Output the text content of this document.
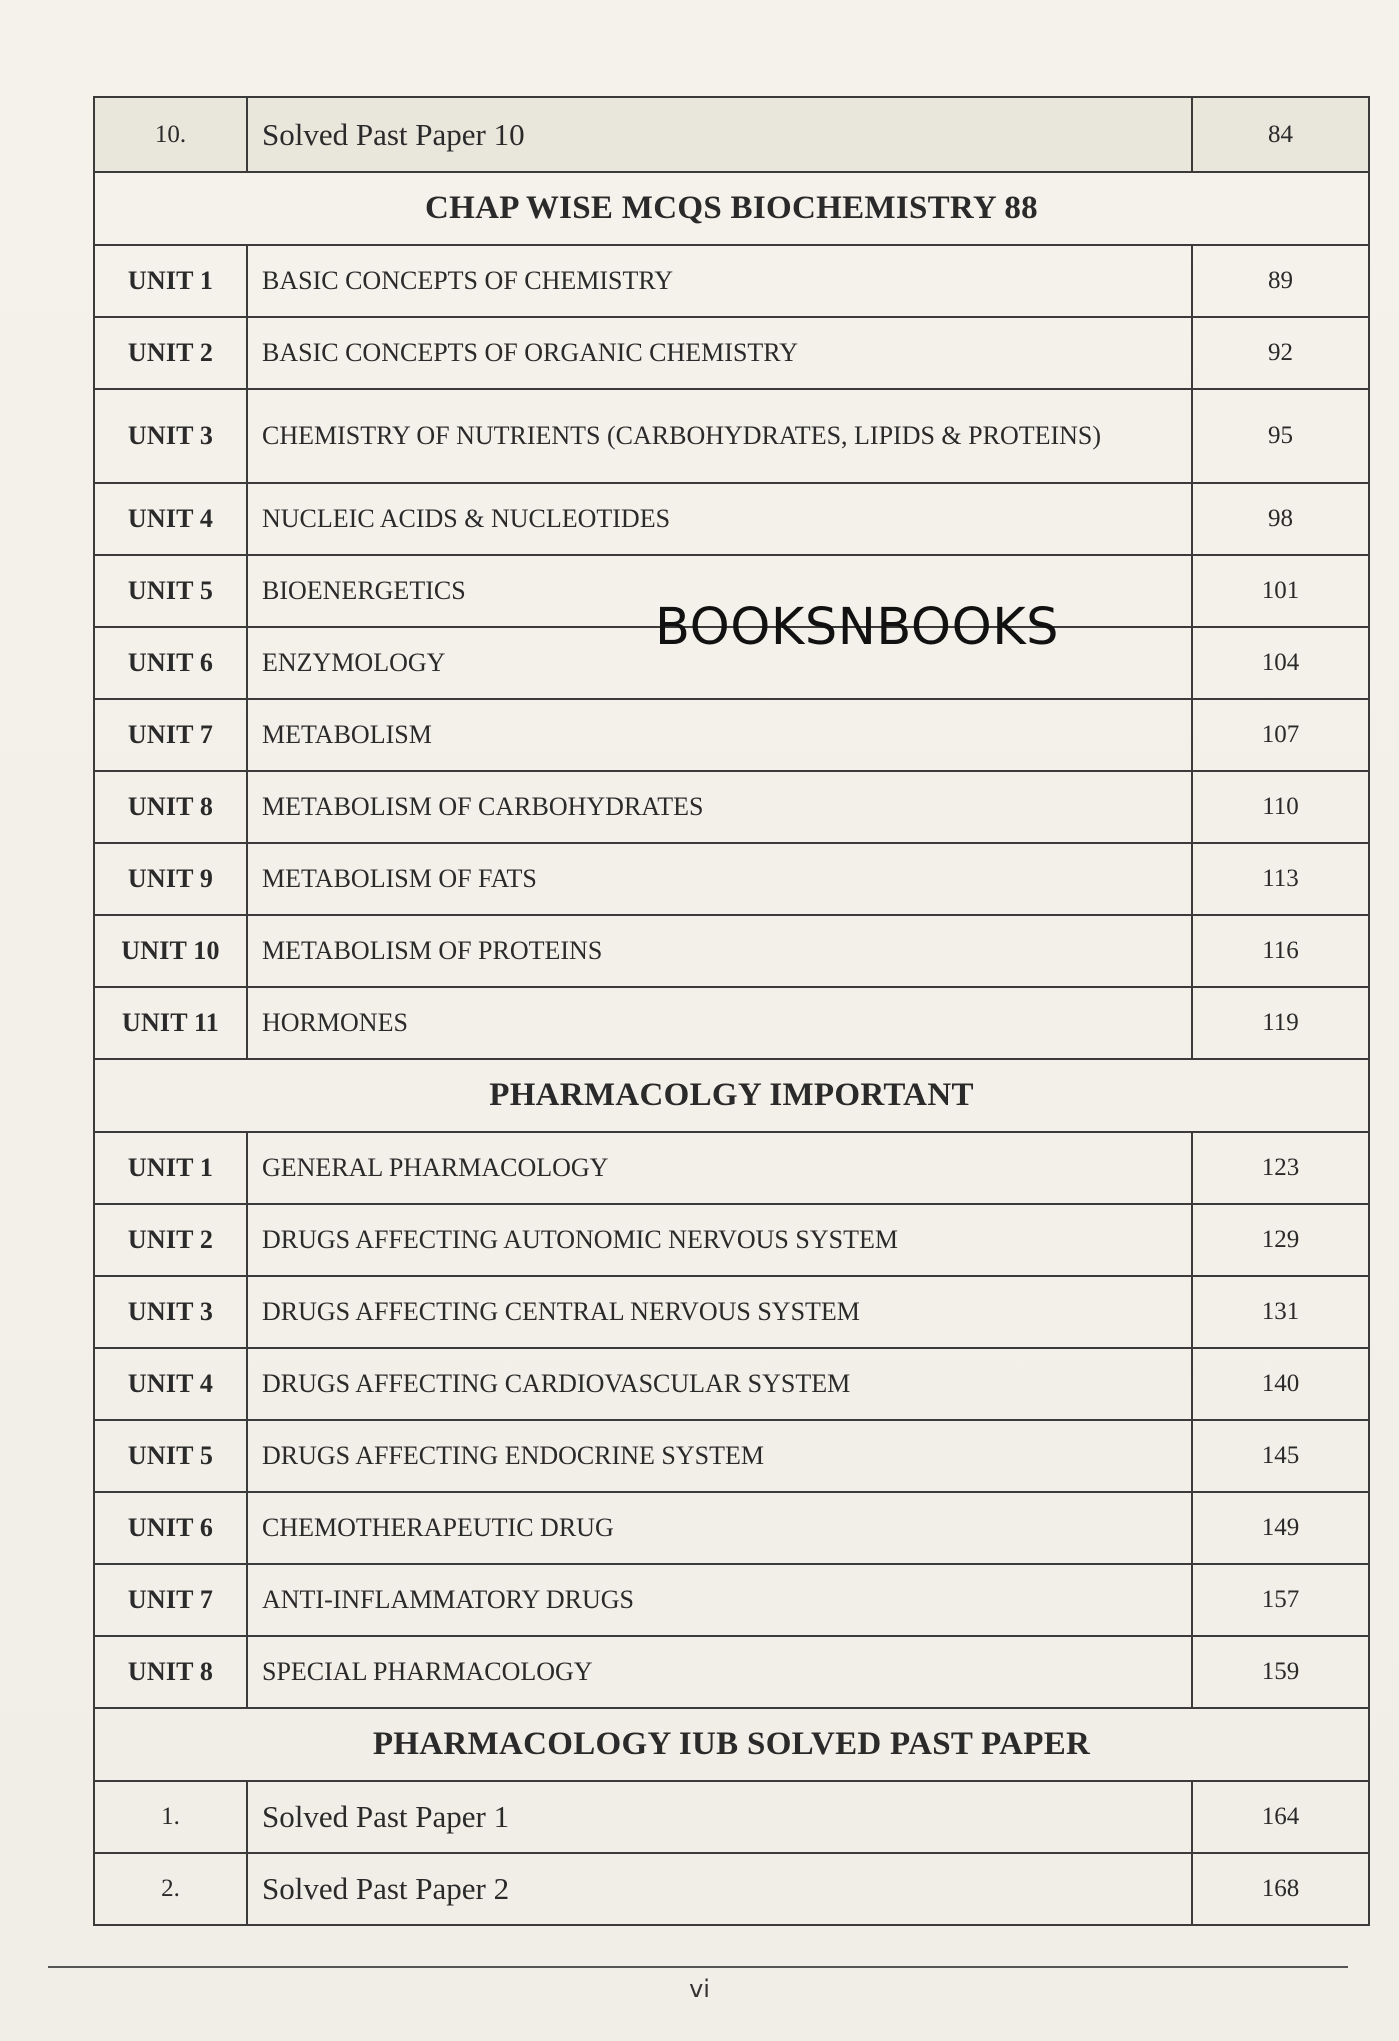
10.	Solved Past Paper 10	84
CHAP WISE MCQS BIOCHEMISTRY 88		
UNIT 1	BASIC CONCEPTS OF CHEMISTRY	89
UNIT 2	BASIC CONCEPTS OF ORGANIC CHEMISTRY	92
UNIT 3	CHEMISTRY OF NUTRIENTS (CARBOHYDRATES, LIPIDS & PROTEINS)	95
UNIT 4	NUCLEIC ACIDS & NUCLEOTIDES	98
UNIT 5	BIOENERGETICS	101
UNIT 6	ENZYMOLOGY	104
UNIT 7	METABOLISM	107
UNIT 8	METABOLISM OF CARBOHYDRATES	110
UNIT 9	METABOLISM OF FATS	113
UNIT 10	METABOLISM OF PROTEINS	116
UNIT 11	HORMONES	119
PHARMACOLGY IMPORTANT		
UNIT 1	GENERAL PHARMACOLOGY	123
UNIT 2	DRUGS AFFECTING AUTONOMIC NERVOUS SYSTEM	129
UNIT 3	DRUGS AFFECTING CENTRAL NERVOUS SYSTEM	131
UNIT 4	DRUGS AFFECTING CARDIOVASCULAR SYSTEM	140
UNIT 5	DRUGS AFFECTING ENDOCRINE SYSTEM	145
UNIT 6	CHEMOTHERAPEUTIC DRUG	149
UNIT 7	ANTI-INFLAMMATORY DRUGS	157
UNIT 8	SPECIAL PHARMACOLOGY	159
PHARMACOLOGY IUB SOLVED PAST PAPER		
1.	Solved Past Paper 1	164
2.	Solved Past Paper 2	168
BOOKSNBOOKS
vi
